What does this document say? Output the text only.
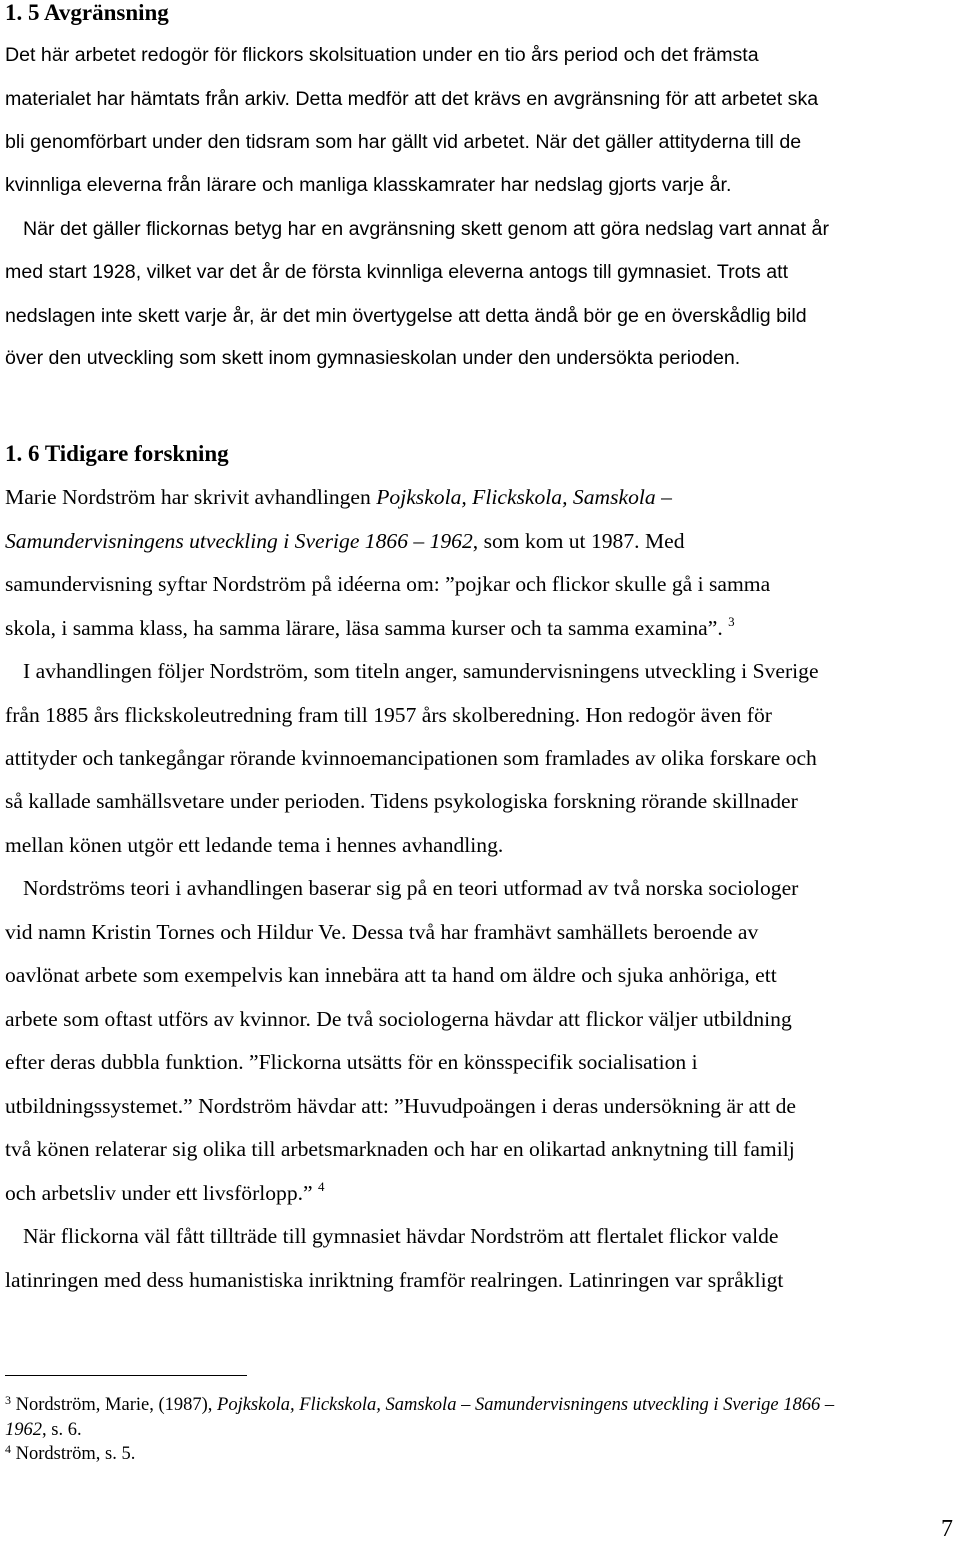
1. 5 Avgränsning

Det här arbetet redogör för flickors skolsituation under en tio års period och det främsta

materialet har hämtats från arkiv. Detta medför att det krävs en avgränsning för att arbetet ska

bli genomförbart under den tidsram som har gällt vid arbetet. När det gäller attityderna till de

kvinnliga eleverna från lärare och manliga klasskamrater har nedslag gjorts varje år.

När det gäller flickornas betyg har en avgränsning skett genom att göra nedslag vart annat år

med start 1928, vilket var det år de första kvinnliga eleverna antogs till gymnasiet. Trots att

nedslagen inte skett varje år, är det min övertygelse att detta ändå bör ge en överskådlig bild

över den utveckling som skett inom gymnasieskolan under den undersökta perioden.

1. 6 Tidigare forskning

Marie Nordström har skrivit avhandlingen Pojkskola, Flickskola, Samskola –

Samundervisningens utveckling i Sverige 1866 – 1962, som kom ut 1987. Med

samundervisning syftar Nordström på idéerna om: ”pojkar och flickor skulle gå i samma

skola, i samma klass, ha samma lärare, läsa samma kurser och ta samma examina”. $^3$

I avhandlingen följer Nordström, som titeln anger, samundervisningens utveckling i Sverige

från 1885 års flickskoleutredning fram till 1957 års skolberedning. Hon redogör även för

attityder och tankegångar rörande kvinnoemancipationen som framlades av olika forskare och

så kallade samhällsvetare under perioden. Tidens psykologiska forskning rörande skillnader

mellan könen utgör ett ledande tema i hennes avhandling.

Nordströms teori i avhandlingen baserar sig på en teori utformad av två norska sociologer

vid namn Kristin Tornes och Hildur Ve. Dessa två har framhävt samhällets beroende av

oavlönat arbete som exempelvis kan innebära att ta hand om äldre och sjuka anhöriga, ett

arbete som oftast utförs av kvinnor. De två sociologerna hävdar att flickor väljer utbildning

efter deras dubbla funktion. ”Flickorna utsätts för en könsspecifik socialisation i

utbildningssystemet.” Nordström hävdar att: ”Huvudpoängen i deras undersökning är att de

två könen relaterar sig olika till arbetsmarknaden och har en olikartad anknytning till familj

och arbetsliv under ett livsförlopp.” $^4$

När flickorna väl fått tillträde till gymnasiet hävdar Nordström att flertalet flickor valde

latinringen med dess humanistiska inriktning framför realringen. Latinringen var språkligt

$^3$ Nordström, Marie, (1987), Pojkskola, Flickskola, Samskola – Samundervisningens utveckling i Sverige 1866 –

1962, s. 6.

$^4$ Nordström, s. 5.

7
